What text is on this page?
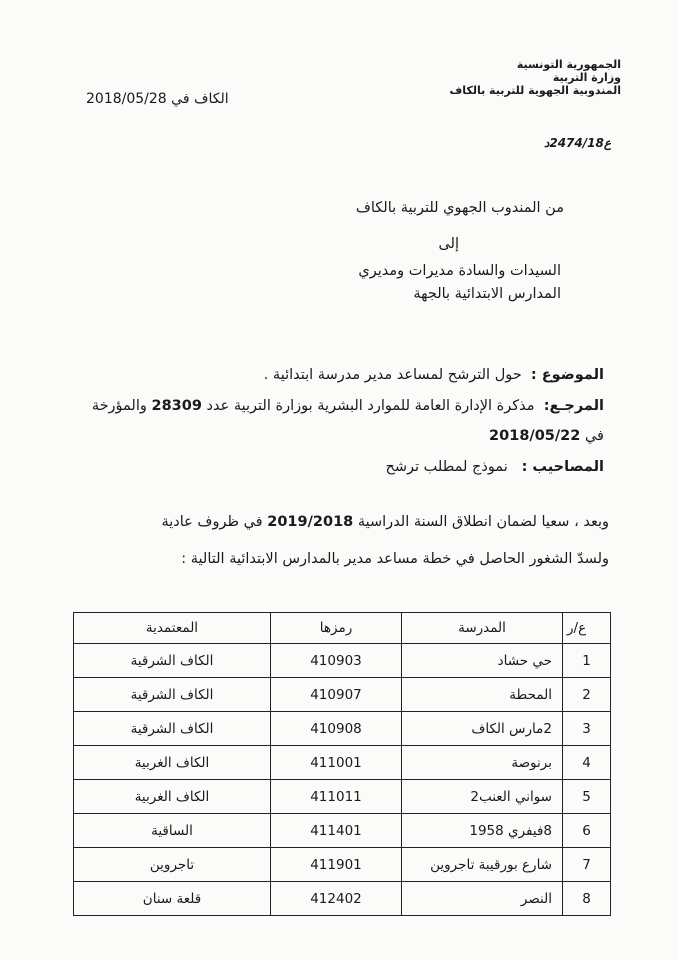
الجمهورية التونسية
وزارة التربية
المندوبية الجهوية للتربية بالكاف
الكاف في 2018/05/28
ع2474/18د
من المندوب الجهوي للتربية بالكاف
إلى
السيدات والسادة مديرات ومديري
المدارس الابتدائية بالجهة
الموضوع :  حول الترشح لمساعد مدير مدرسة ابتدائية .
المرجـع:  مذكرة الإدارة العامة للموارد البشرية بوزارة التربية عدد 28309 والمؤرخة
في 2018/05/22
المصاحيب :   نموذج لمطلب ترشح
وبعد ، سعيا لضمان انطلاق السنة الدراسية 2019/2018 في ظروف عادية
ولسدّ الشغور الحاصل في خطة مساعد مدير بالمدارس الابتدائية التالية :
ع/ر	المدرسة	رمزها	المعتمدية
1	حي حشاد	410903	الكاف الشرقية
2	المحطة	410907	الكاف الشرقية
3	2مارس الكاف	410908	الكاف الشرقية
4	برنوصة	411001	الكاف الغربية
5	سواني العنب2	411011	الكاف الغربية
6	8فيفري 1958	411401	الساقية
7	شارع بورقيبة تاجروين	411901	تاجروين
8	النصر	412402	قلعة سنان
